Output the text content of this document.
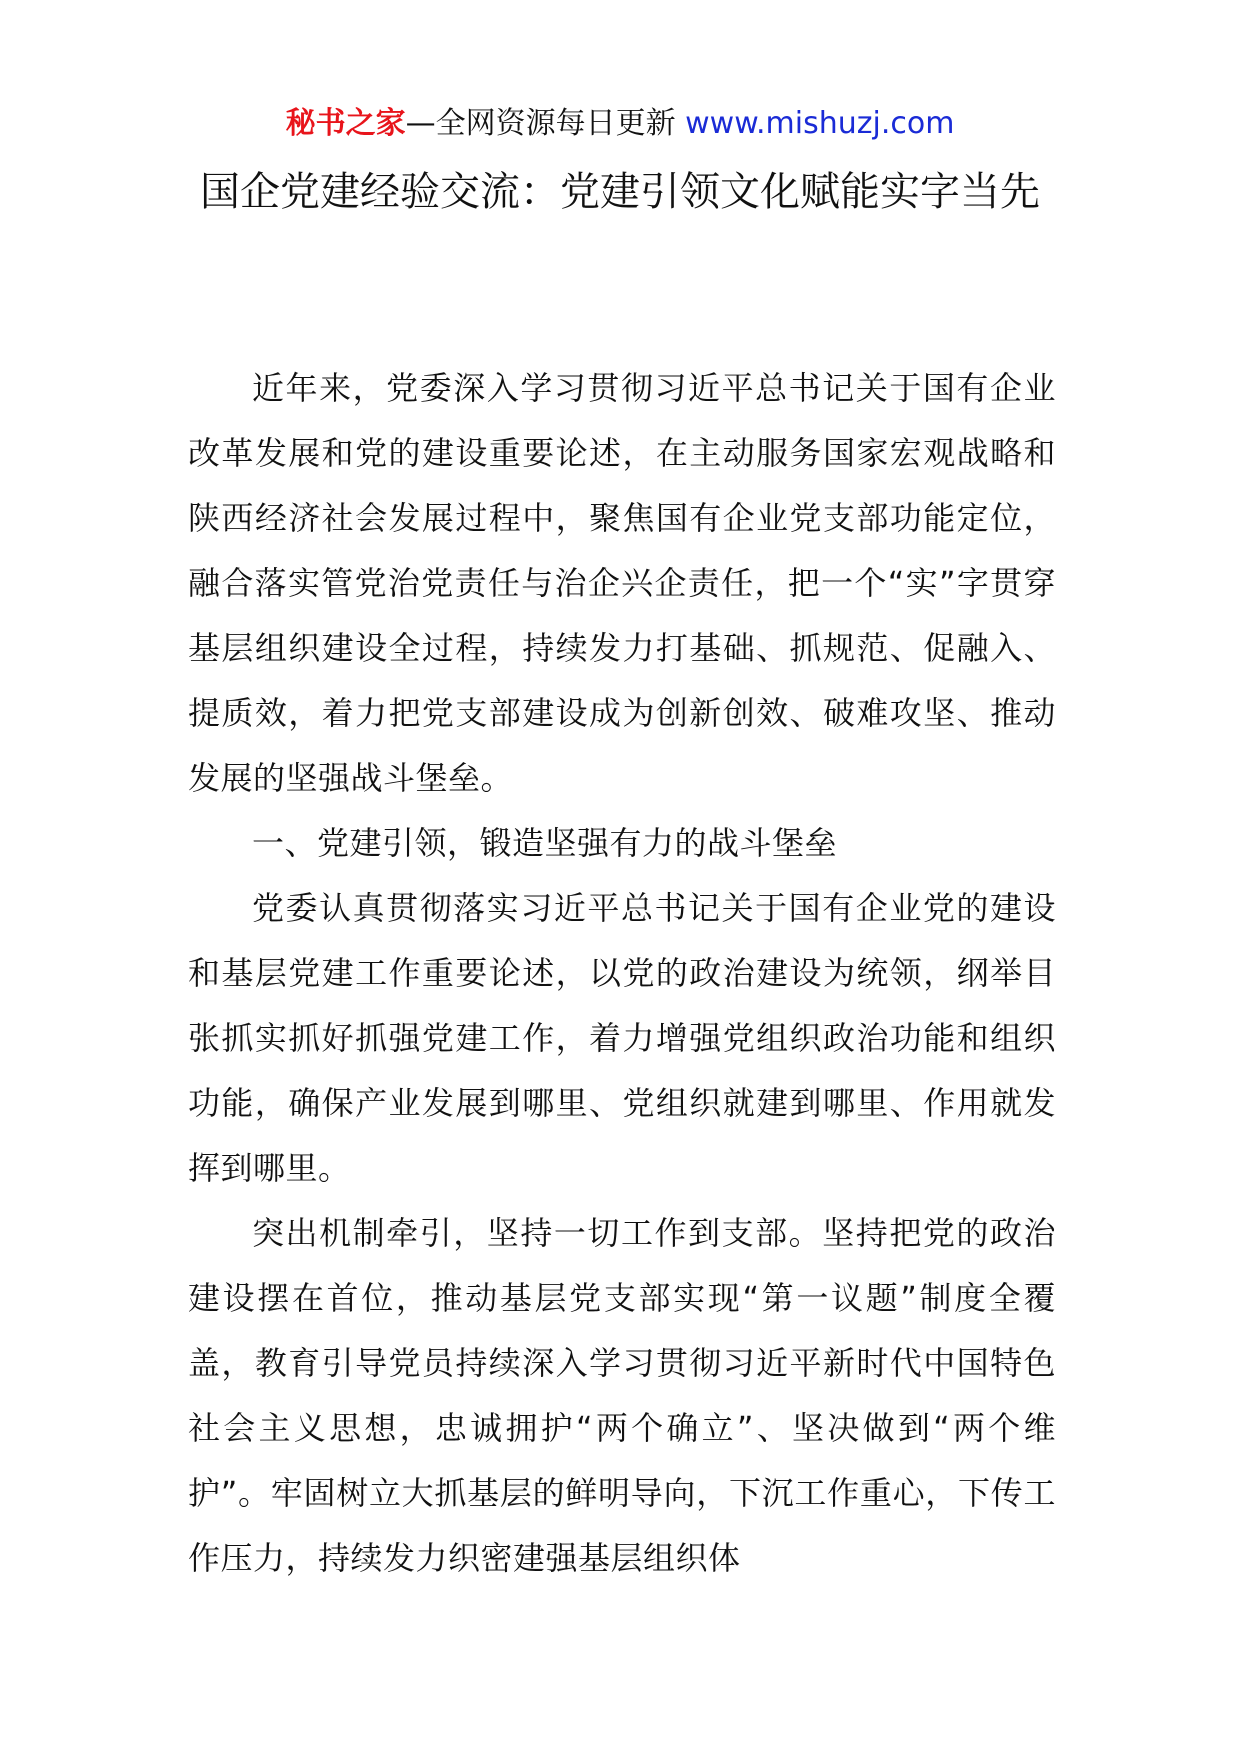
秘书之家—全网资源每日更新 www.mishuzj.com
国企党建经验交流：党建引领文化赋能实字当先

近年来，党委深入学习贯彻习近平总书记关于国有企业改革发展和党的建设重要论述，在主动服务国家宏观战略和陕西经济社会发展过程中，聚焦国有企业党支部功能定位，融合落实管党治党责任与治企兴企责任，把一个“实”字贯穿基层组织建设全过程，持续发力打基础、抓规范、促融入、提质效，着力把党支部建设成为创新创效、破难攻坚、推动发展的坚强战斗堡垒。

一、党建引领，锻造坚强有力的战斗堡垒

党委认真贯彻落实习近平总书记关于国有企业党的建设和基层党建工作重要论述，以党的政治建设为统领，纲举目张抓实抓好抓强党建工作，着力增强党组织政治功能和组织功能，确保产业发展到哪里、党组织就建到哪里、作用就发挥到哪里。

突出机制牵引，坚持一切工作到支部。坚持把党的政治建设摆在首位，推动基层党支部实现“第一议题”制度全覆盖，教育引导党员持续深入学习贯彻习近平新时代中国特色社会主义思想，忠诚拥护“两个确立”、坚决做到“两个维护”。牢固树立大抓基层的鲜明导向，下沉工作重心，下传工作压力，持续发力织密建强基层组织体
